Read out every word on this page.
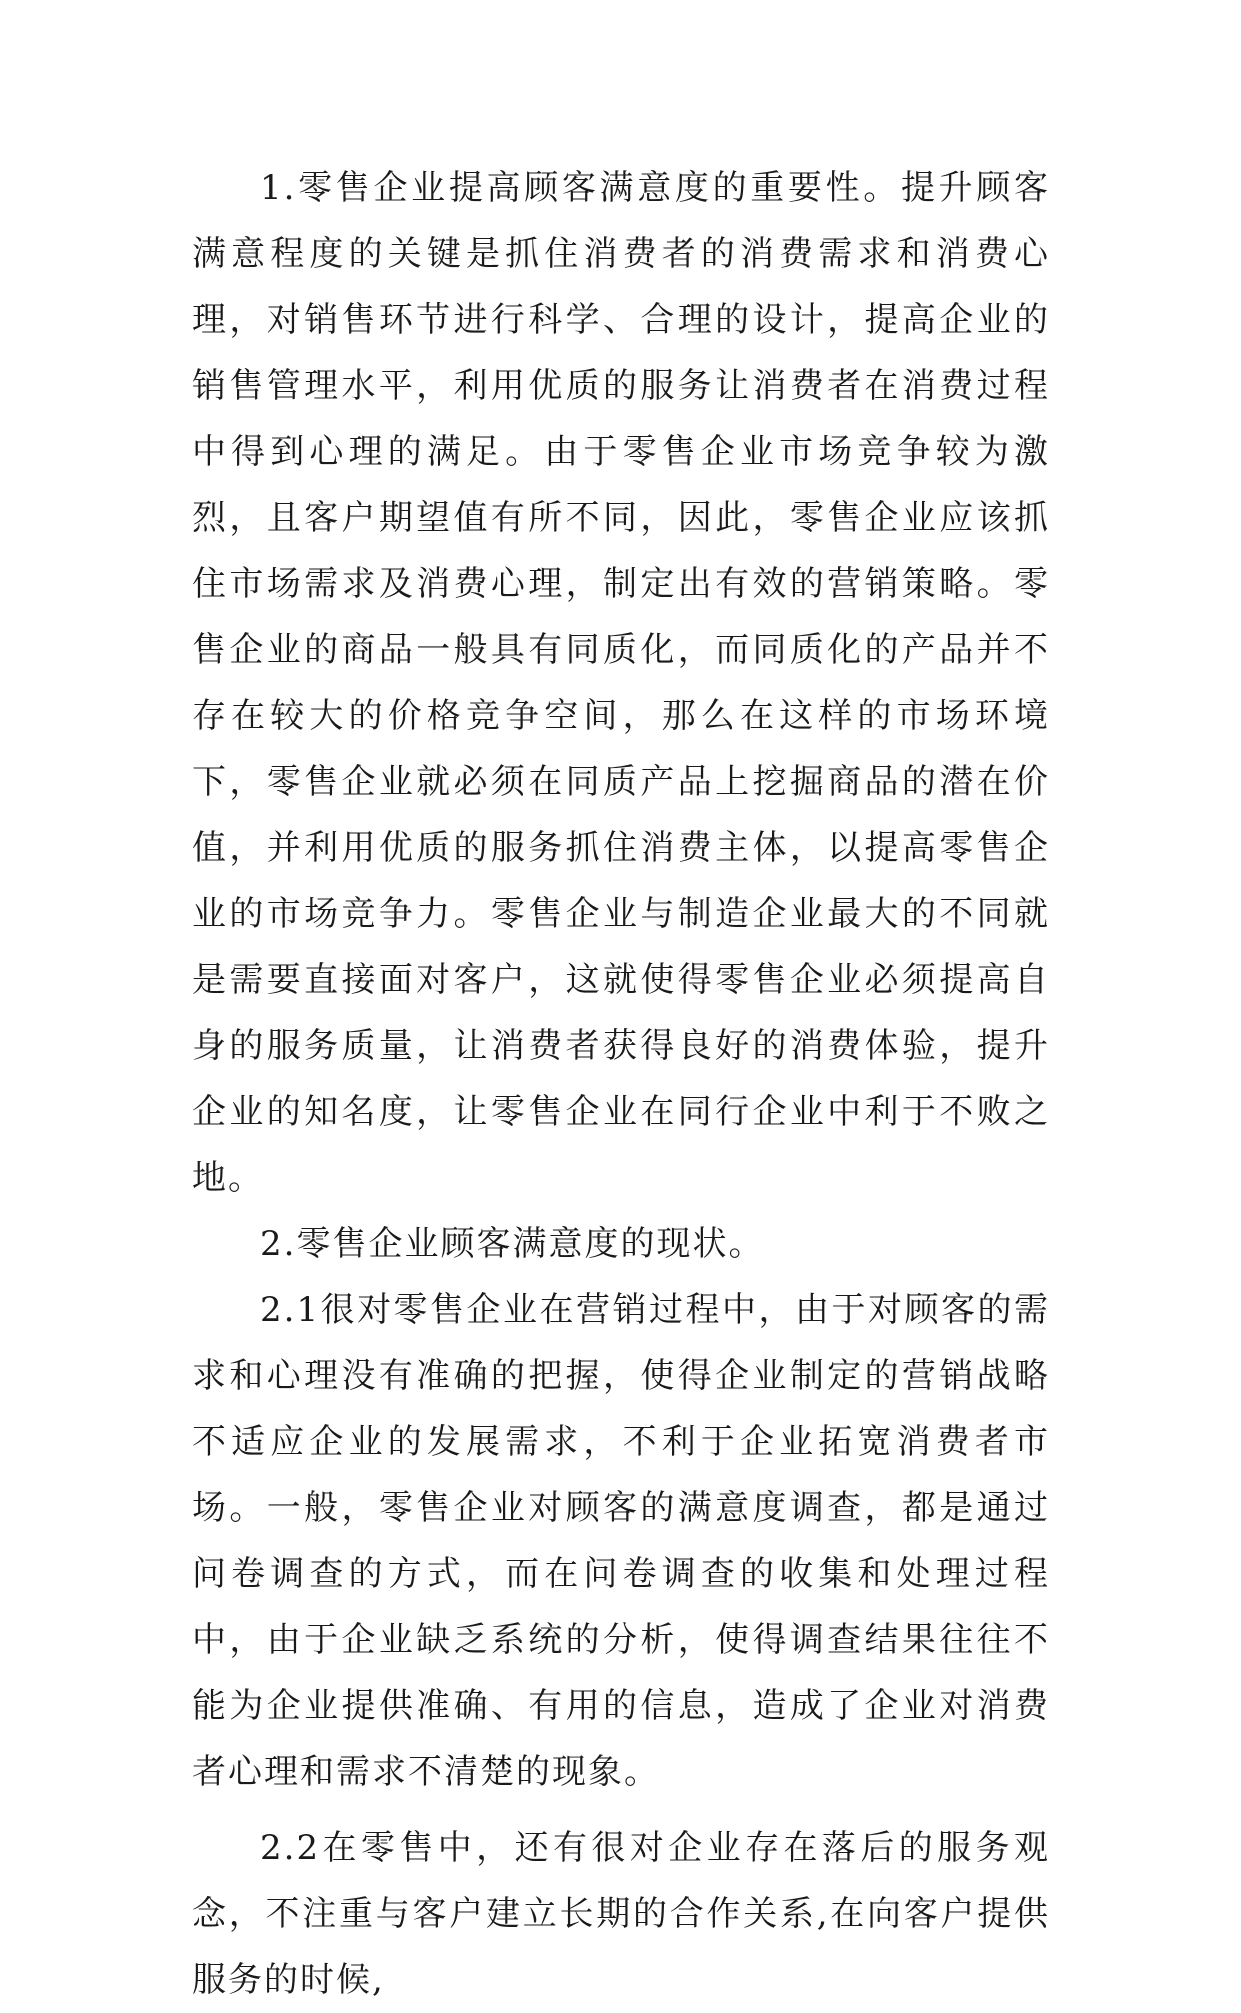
1.零售企业提高顾客满意度的重要性。提升顾客满意程度的关键是抓住消费者的消费需求和消费心理，对销售环节进行科学、合理的设计，提高企业的销售管理水平，利用优质的服务让消费者在消费过程中得到心理的满足。由于零售企业市场竞争较为激烈，且客户期望值有所不同，因此，零售企业应该抓住市场需求及消费心理，制定出有效的营销策略。零售企业的商品一般具有同质化，而同质化的产品并不存在较大的价格竞争空间，那么在这样的市场环境下，零售企业就必须在同质产品上挖掘商品的潜在价值，并利用优质的服务抓住消费主体，以提高零售企业的市场竞争力。零售企业与制造企业最大的不同就是需要直接面对客户，这就使得零售企业必须提高自身的服务质量，让消费者获得良好的消费体验，提升企业的知名度，让零售企业在同行企业中利于不败之地。

2.零售企业顾客满意度的现状。

2.1很对零售企业在营销过程中，由于对顾客的需求和心理没有准确的把握，使得企业制定的营销战略不适应企业的发展需求，不利于企业拓宽消费者市场。一般，零售企业对顾客的满意度调查，都是通过问卷调查的方式，而在问卷调查的收集和处理过程中，由于企业缺乏系统的分析，使得调查结果往往不能为企业提供准确、有用的信息，造成了企业对消费者心理和需求不清楚的现象。

2.2在零售中，还有很对企业存在落后的服务观念，不注重与客户建立长期的合作关系,在向客户提供服务的时候,
